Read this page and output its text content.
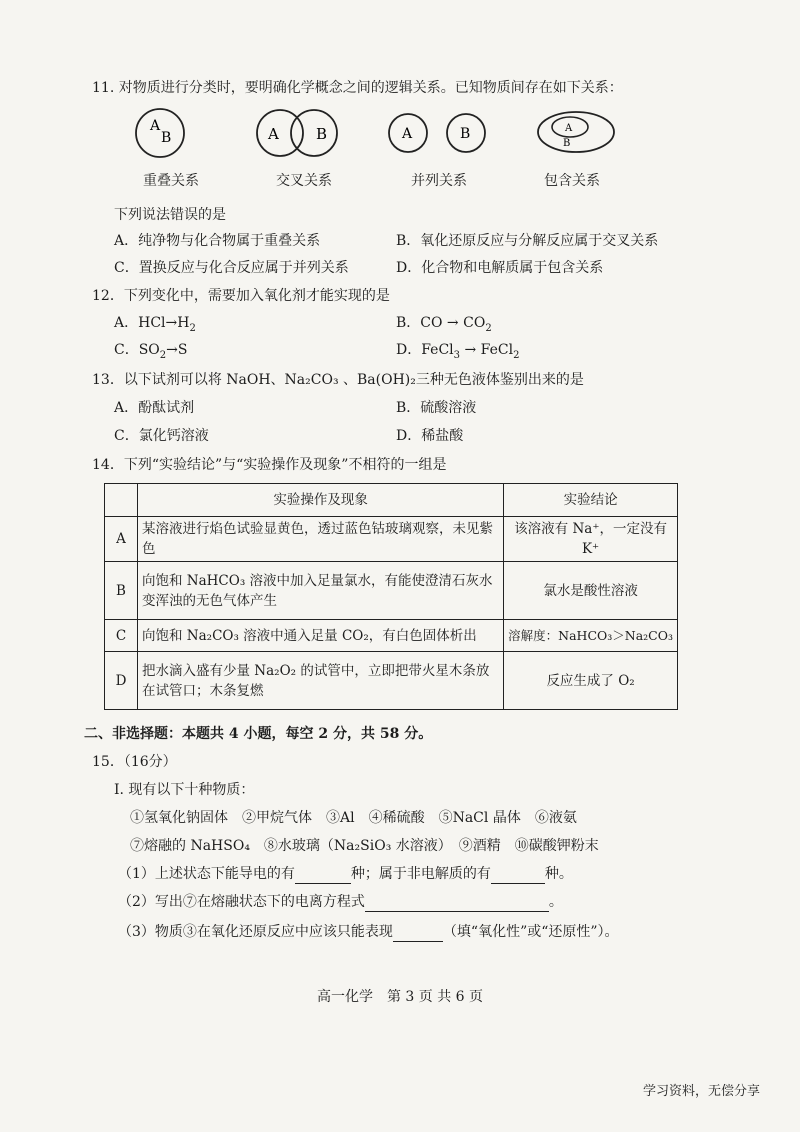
11. 对物质进行分类时，要明确化学概念之间的逻辑关系。已知物质间存在如下关系：
A
B	A B	A	B	A
B
重叠关系	交叉关系	并列关系	包含关系
下列说法错误的是
A．纯净物与化合物属于重叠关系	B．氧化还原反应与分解反应属于交叉关系
C．置换反应与化合反应属于并列关系	D．化合物和电解质属于包含关系
12．下列变化中，需要加入氧化剂才能实现的是
A．$HCl\to H_2$	B．CO → $CO_2$
C．$SO_2\to S$	D．FeCl$_3$ → FeCl$_2$
13．以下试剂可以将 NaOH、Na₂CO₃ 、Ba(OH)₂三种无色液体鉴别出来的是
A．酚酞试剂	B．硫酸溶液
C．氯化钙溶液	D．稀盐酸
14．下列“实验结论”与“实验操作及现象”不相符的一组是
	实验操作及现象	实验结论
A	某溶液进行焰色试验显黄色，透过蓝色钴玻璃观察，未见紫色	该溶液有 Na⁺，一定没有 K⁺
B	向饱和 NaHCO₃ 溶液中加入足量氯水，有能使澄清石灰水变浑浊的无色气体产生	氯水是酸性溶液
C	向饱和 Na₂CO₃ 溶液中通入足量 CO₂，有白色固体析出	溶解度：NaHCO₃＞Na₂CO₃
D	把水滴入盛有少量 Na₂O₂ 的试管中，立即把带火星木条放在试管口；木条复燃	反应生成了 O₂
二、非选择题：本题共 4 小题，每空 2 分，共 58 分。
15．（16分）
Ⅰ. 现有以下十种物质：
①氢氧化钠固体　②甲烷气体　③Al　④稀硫酸　⑤NaCl 晶体　⑥液氨
⑦熔融的 NaHSO₄　⑧水玻璃（Na₂SiO₃ 水溶液）　⑨酒精　⑩碳酸钾粉末
（1）上述状态下能导电的有	种；属于非电解质的有	种。
（2）写出⑦在熔融状态下的电离方程式	。
（3）物质③在氧化还原反应中应该只能表现	（填“氧化性”或“还原性”）。
高一化学　第 3 页 共 6 页
学习资料，无偿分享
